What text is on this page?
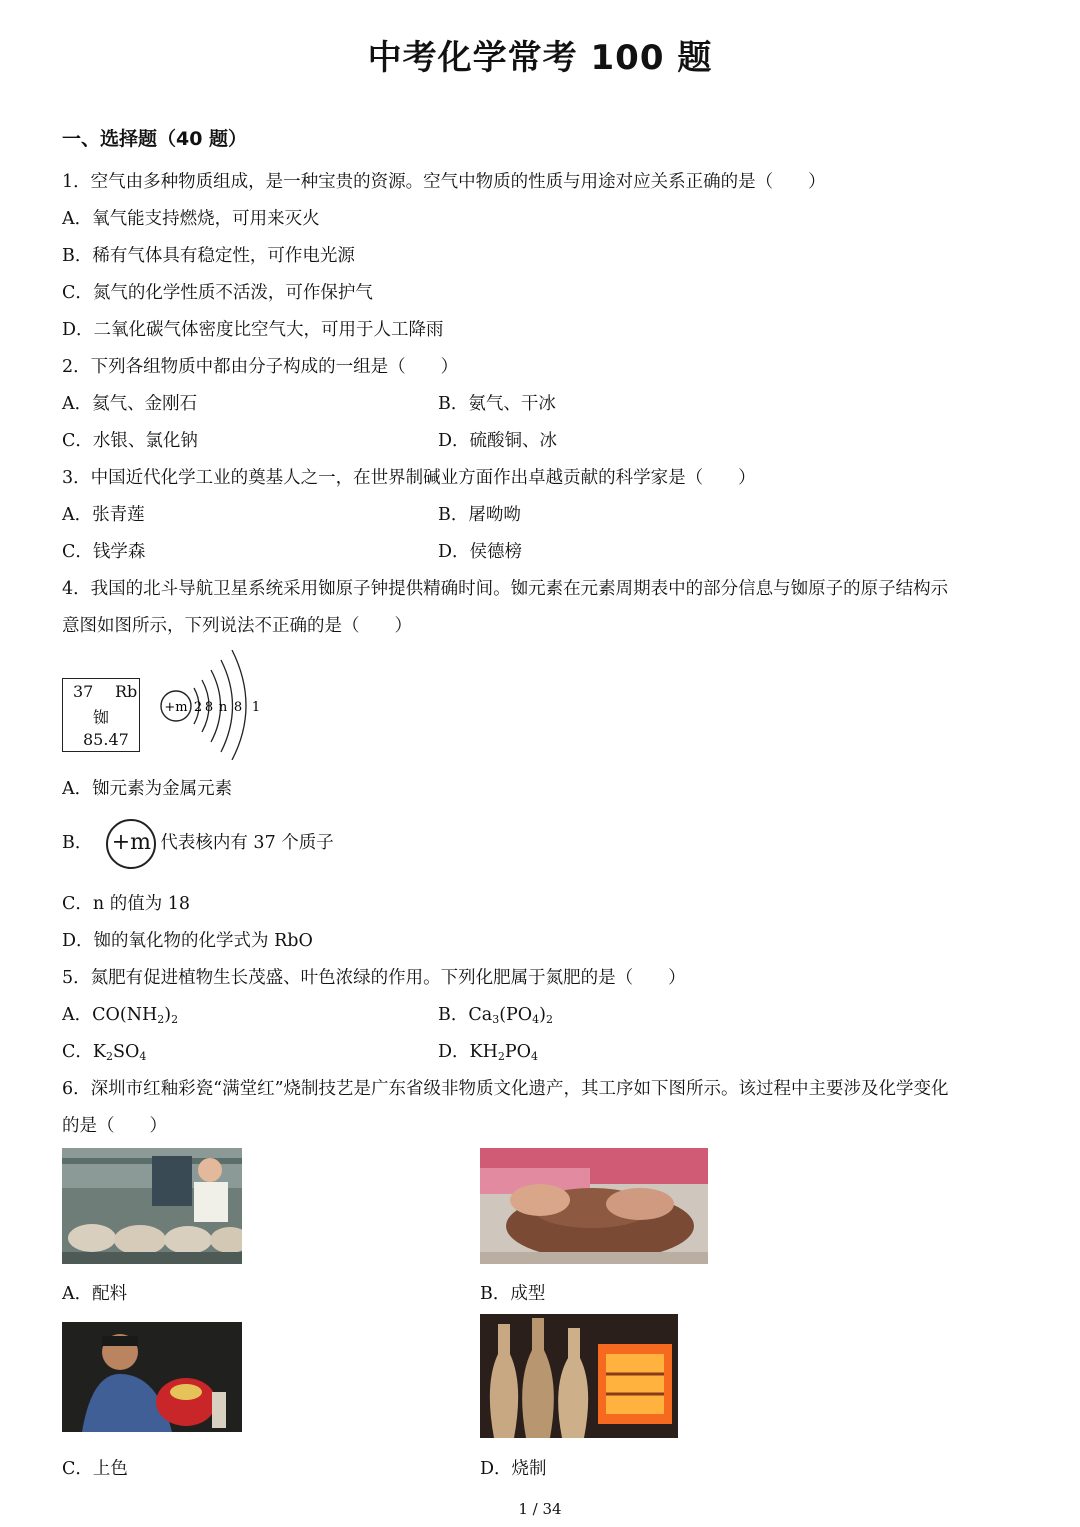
中考化学常考 100 题
一、选择题（40 题）
1．空气由多种物质组成，是一种宝贵的资源。空气中物质的性质与用途对应关系正确的是（　　）
A．氧气能支持燃烧，可用来灭火
B．稀有气体具有稳定性，可作电光源
C．氮气的化学性质不活泼，可作保护气
D．二氧化碳气体密度比空气大，可用于人工降雨
2．下列各组物质中都由分子构成的一组是（　　）
A．氦气、金刚石	B．氨气、干冰
C．水银、氯化钠	D．硫酸铜、冰
3．中国近代化学工业的奠基人之一，在世界制碱业方面作出卓越贡献的科学家是（　　）
A．张青莲	B．屠呦呦
C．钱学森	D．侯德榜
4．我国的北斗导航卫星系统采用铷原子钟提供精确时间。铷元素在元素周期表中的部分信息与铷原子的原子结构示
意图如图所示，下列说法不正确的是（　　）
37 Rb
铷
85.47
+m 2 8 n 8 1
A．铷元素为金属元素
B． +m 代表核内有 37 个质子
C．n 的值为 18
D．铷的氧化物的化学式为 RbO
5．氮肥有促进植物生长茂盛、叶色浓绿的作用。下列化肥属于氮肥的是（　　）
A．$CO(NH_2)_2$	B．$Ca_3(PO_4)_2$
C．$K_2SO_4$	D．$KH_2PO_4$
6．深圳市红釉彩瓷“满堂红”烧制技艺是广东省级非物质文化遗产，其工序如下图所示。该过程中主要涉及化学变化
的是（　　）
A．配料	B．成型
C．上色	D．烧制
1 / 34
